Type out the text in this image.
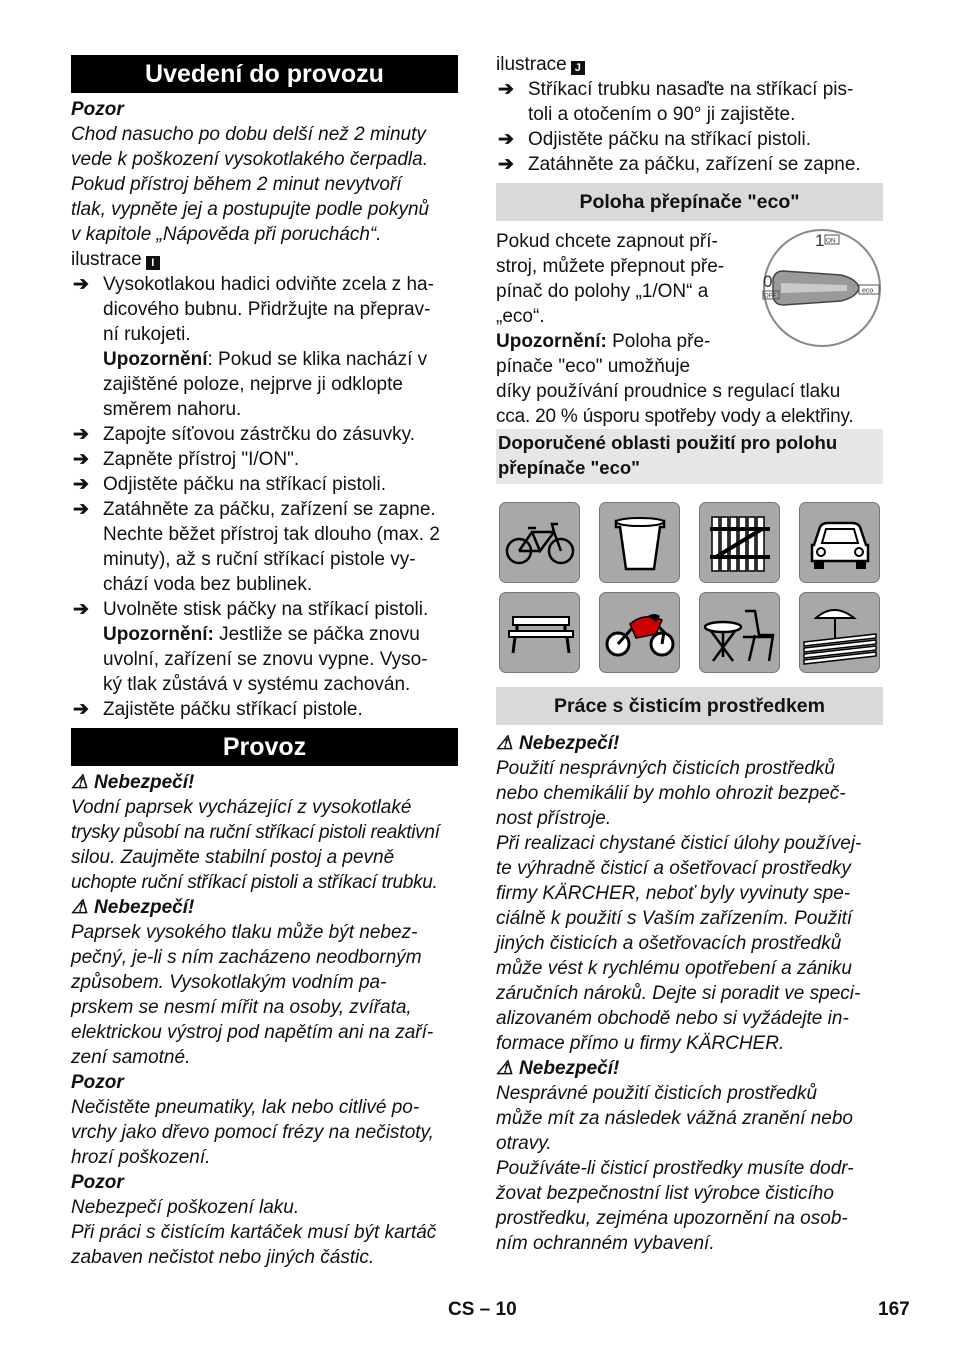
Uvedení do provozu

Pozor

Chod nasucho po dobu delší než 2 minuty

vede k poškození vysokotlakého čerpadla.

Pokud přístroj během 2 minut nevytvoří

tlak, vypněte jej a postupujte podle pokynů

v kapitole „Nápověda při poruchách“.

ilustrace I

➔ Vysokotlakou hadici odviňte zcela z ha-

dicového bubnu. Přidržujte na přeprav-

ní rukojeti.

Upozornění: Pokud se klika nachází v

zajištěné poloze, nejprve ji odklopte

směrem nahoru.

➔ Zapojte síťovou zástrčku do zásuvky.

➔ Zapněte přístroj "I/ON".

➔ Odjistěte páčku na stříkací pistoli.

➔ Zatáhněte za páčku, zařízení se zapne.

Nechte běžet přístroj tak dlouho (max. 2

minuty), až s ruční stříkací pistole vy-

chází voda bez bublinek.

➔ Uvolněte stisk páčky na stříkací pistoli.

Upozornění: Jestliže se páčka znovu

uvolní, zařízení se znovu vypne. Vyso-

ký tlak zůstává v systému zachován.

➔ Zajistěte páčku stříkací pistole.

Provoz

⚠ Nebezpečí!

Vodní paprsek vycházející z vysokotlaké

trysky působí na ruční stříkací pistoli reaktivní

silou. Zaujměte stabilní postoj a pevně

uchopte ruční stříkací pistoli a stříkací trubku.

⚠ Nebezpečí!

Paprsek vysokého tlaku může být nebez-

pečný, je-li s ním zacházeno neodborným

způsobem. Vysokotlakým vodním pa-

prskem se nesmí mířit na osoby, zvířata,

elektrickou výstroj pod napětím ani na zaří-

zení samotné.

Pozor

Nečistěte pneumatiky, lak nebo citlivé po-

vrchy jako dřevo pomocí frézy na nečistoty,

hrozí poškození.

Pozor

Nebezpečí poškození laku.

Při práci s čistícím kartáček musí být kartáč

zabaven nečistot nebo jiných částic.

ilustrace J

➔ Stříkací trubku nasaďte na stříkací pis-

toli a otočením o 90° ji zajistěte.

➔ Odjistěte páčku na stříkací pistoli.

➔ Zatáhněte za páčku, zařízení se zapne.

Poloha přepínače "eco"
1 ON
0
OFF
eco

Pokud chcete zapnout pří-

stroj, můžete přepnout pře-

pínač do polohy „1/ON“ a

„eco“.

Upozornění: Poloha pře-

pínače "eco" umožňuje

díky používání proudnice s regulací tlaku

cca. 20 % úsporu spotřeby vody a elektřiny.

Doporučené oblasti použití pro polohu přepínače "eco"
Práce s čisticím prostředkem

⚠ Nebezpečí!

Použití nesprávných čisticích prostředků

nebo chemikálií by mohlo ohrozit bezpeč-

nost přístroje.

Při realizaci chystané čisticí úlohy používej-

te výhradně čisticí a ošetřovací prostředky

firmy KÄRCHER, neboť byly vyvinuty spe-

ciálně k použití s Vaším zařízením. Použití

jiných čisticích a ošetřovacích prostředků

může vést k rychlému opotřebení a zániku

záručních nároků. Dejte si poradit ve speci-

alizovaném obchodě nebo si vyžádejte in-

formace přímo u firmy KÄRCHER.

⚠ Nebezpečí!

Nesprávné použití čisticích prostředků

může mít za následek vážná zranění nebo

otravy.

Používáte-li čisticí prostředky musíte dodr-

žovat bezpečnostní list výrobce čisticího

prostředku, zejména upozornění na osob-

ním ochranném vybavení.

CS – 10	167
